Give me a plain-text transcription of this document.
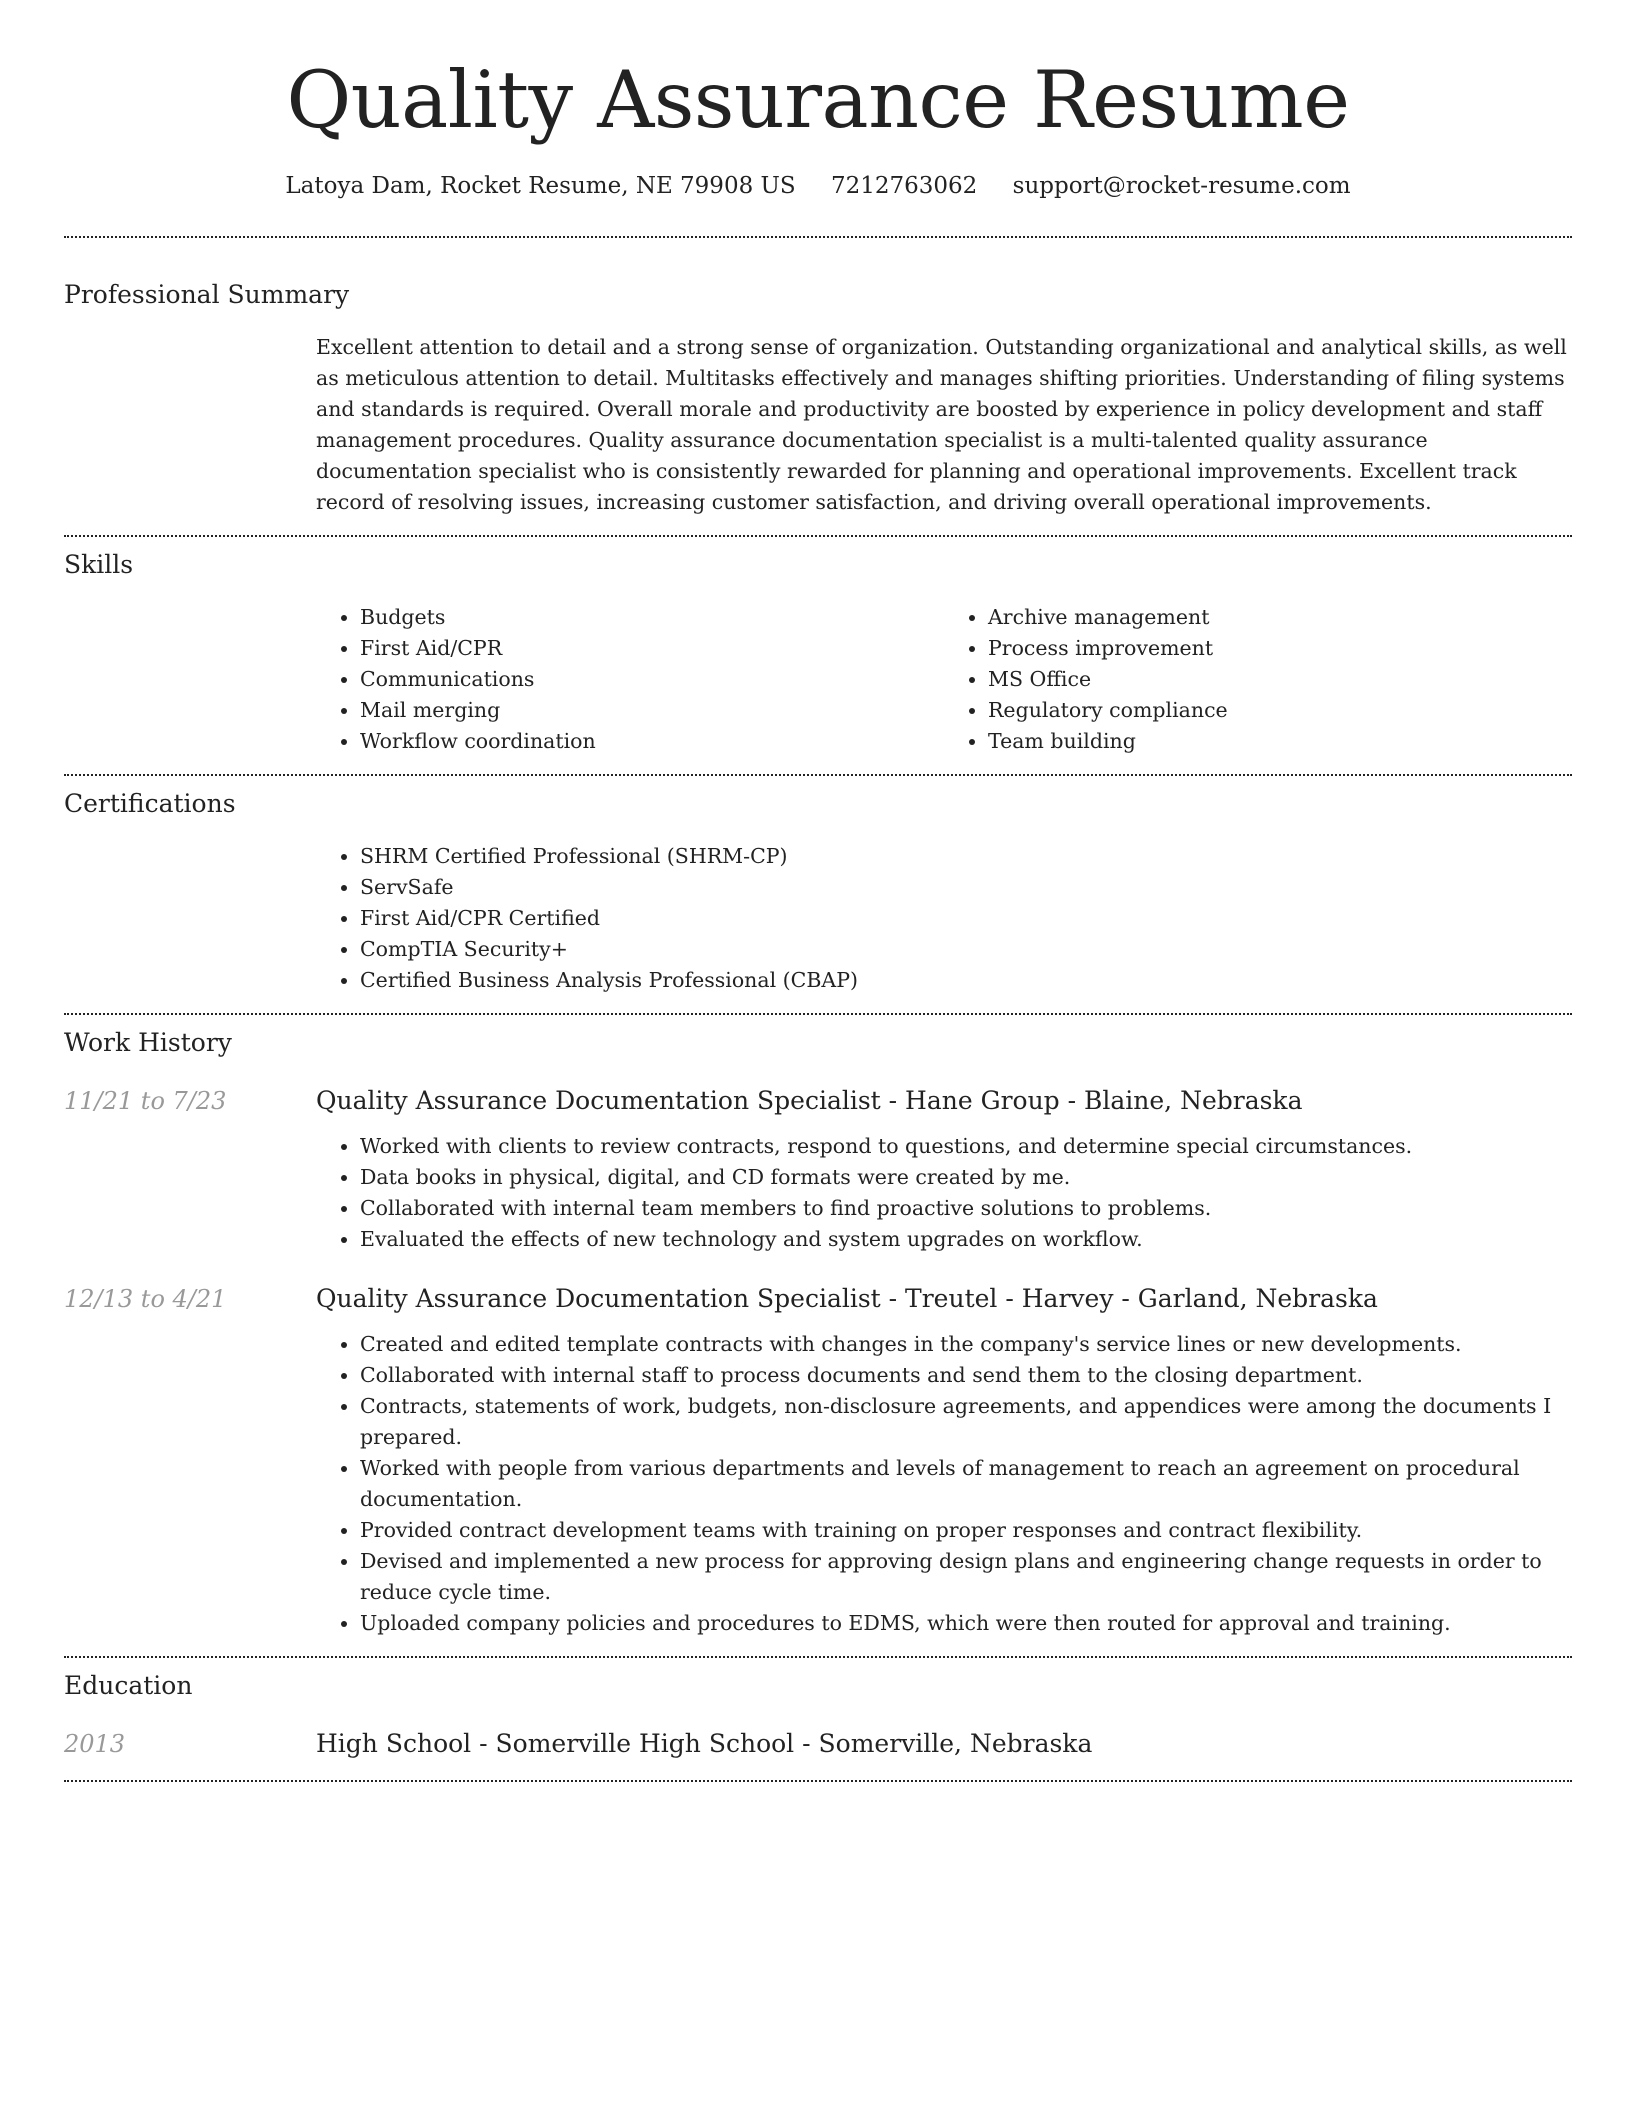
Quality Assurance Resume
Latoya Dam, Rocket Resume, NE 79908 US 7212763062 support@rocket-resume.com
Professional Summary

Excellent attention to detail and a strong sense of organization. Outstanding organizational and analytical skills, as well as meticulous attention to detail. Multitasks effectively and manages shifting priorities. Understanding of filing systems and standards is required. Overall morale and productivity are boosted by experience in policy development and staff management procedures. Quality assurance documentation specialist is a multi-talented quality assurance documentation specialist who is consistently rewarded for planning and operational improvements. Excellent track record of resolving issues, increasing customer satisfaction, and driving overall operational improvements.

Skills
• Budgets
• First Aid/CPR
• Communications
• Mail merging
• Workflow coordination
• Archive management
• Process improvement
• MS Office
• Regulatory compliance
• Team building
Certifications
• SHRM Certified Professional (SHRM-CP)
• ServSafe
• First Aid/CPR Certified
• CompTIA Security+
• Certified Business Analysis Professional (CBAP)
Work History
11/21 to 7/23	Quality Assurance Documentation Specialist - Hane Group - Blaine, Nebraska
• Worked with clients to review contracts, respond to questions, and determine special circumstances.
• Data books in physical, digital, and CD formats were created by me.
• Collaborated with internal team members to find proactive solutions to problems.
• Evaluated the effects of new technology and system upgrades on workflow.
12/13 to 4/21	Quality Assurance Documentation Specialist - Treutel - Harvey - Garland, Nebraska
• Created and edited template contracts with changes in the company's service lines or new developments.
• Collaborated with internal staff to process documents and send them to the closing department.
• Contracts, statements of work, budgets, non-disclosure agreements, and appendices were among the documents I prepared.
• Worked with people from various departments and levels of management to reach an agreement on procedural documentation.
• Provided contract development teams with training on proper responses and contract flexibility.
• Devised and implemented a new process for approving design plans and engineering change requests in order to reduce cycle time.
• Uploaded company policies and procedures to EDMS, which were then routed for approval and training.
Education
2013	High School - Somerville High School - Somerville, Nebraska
